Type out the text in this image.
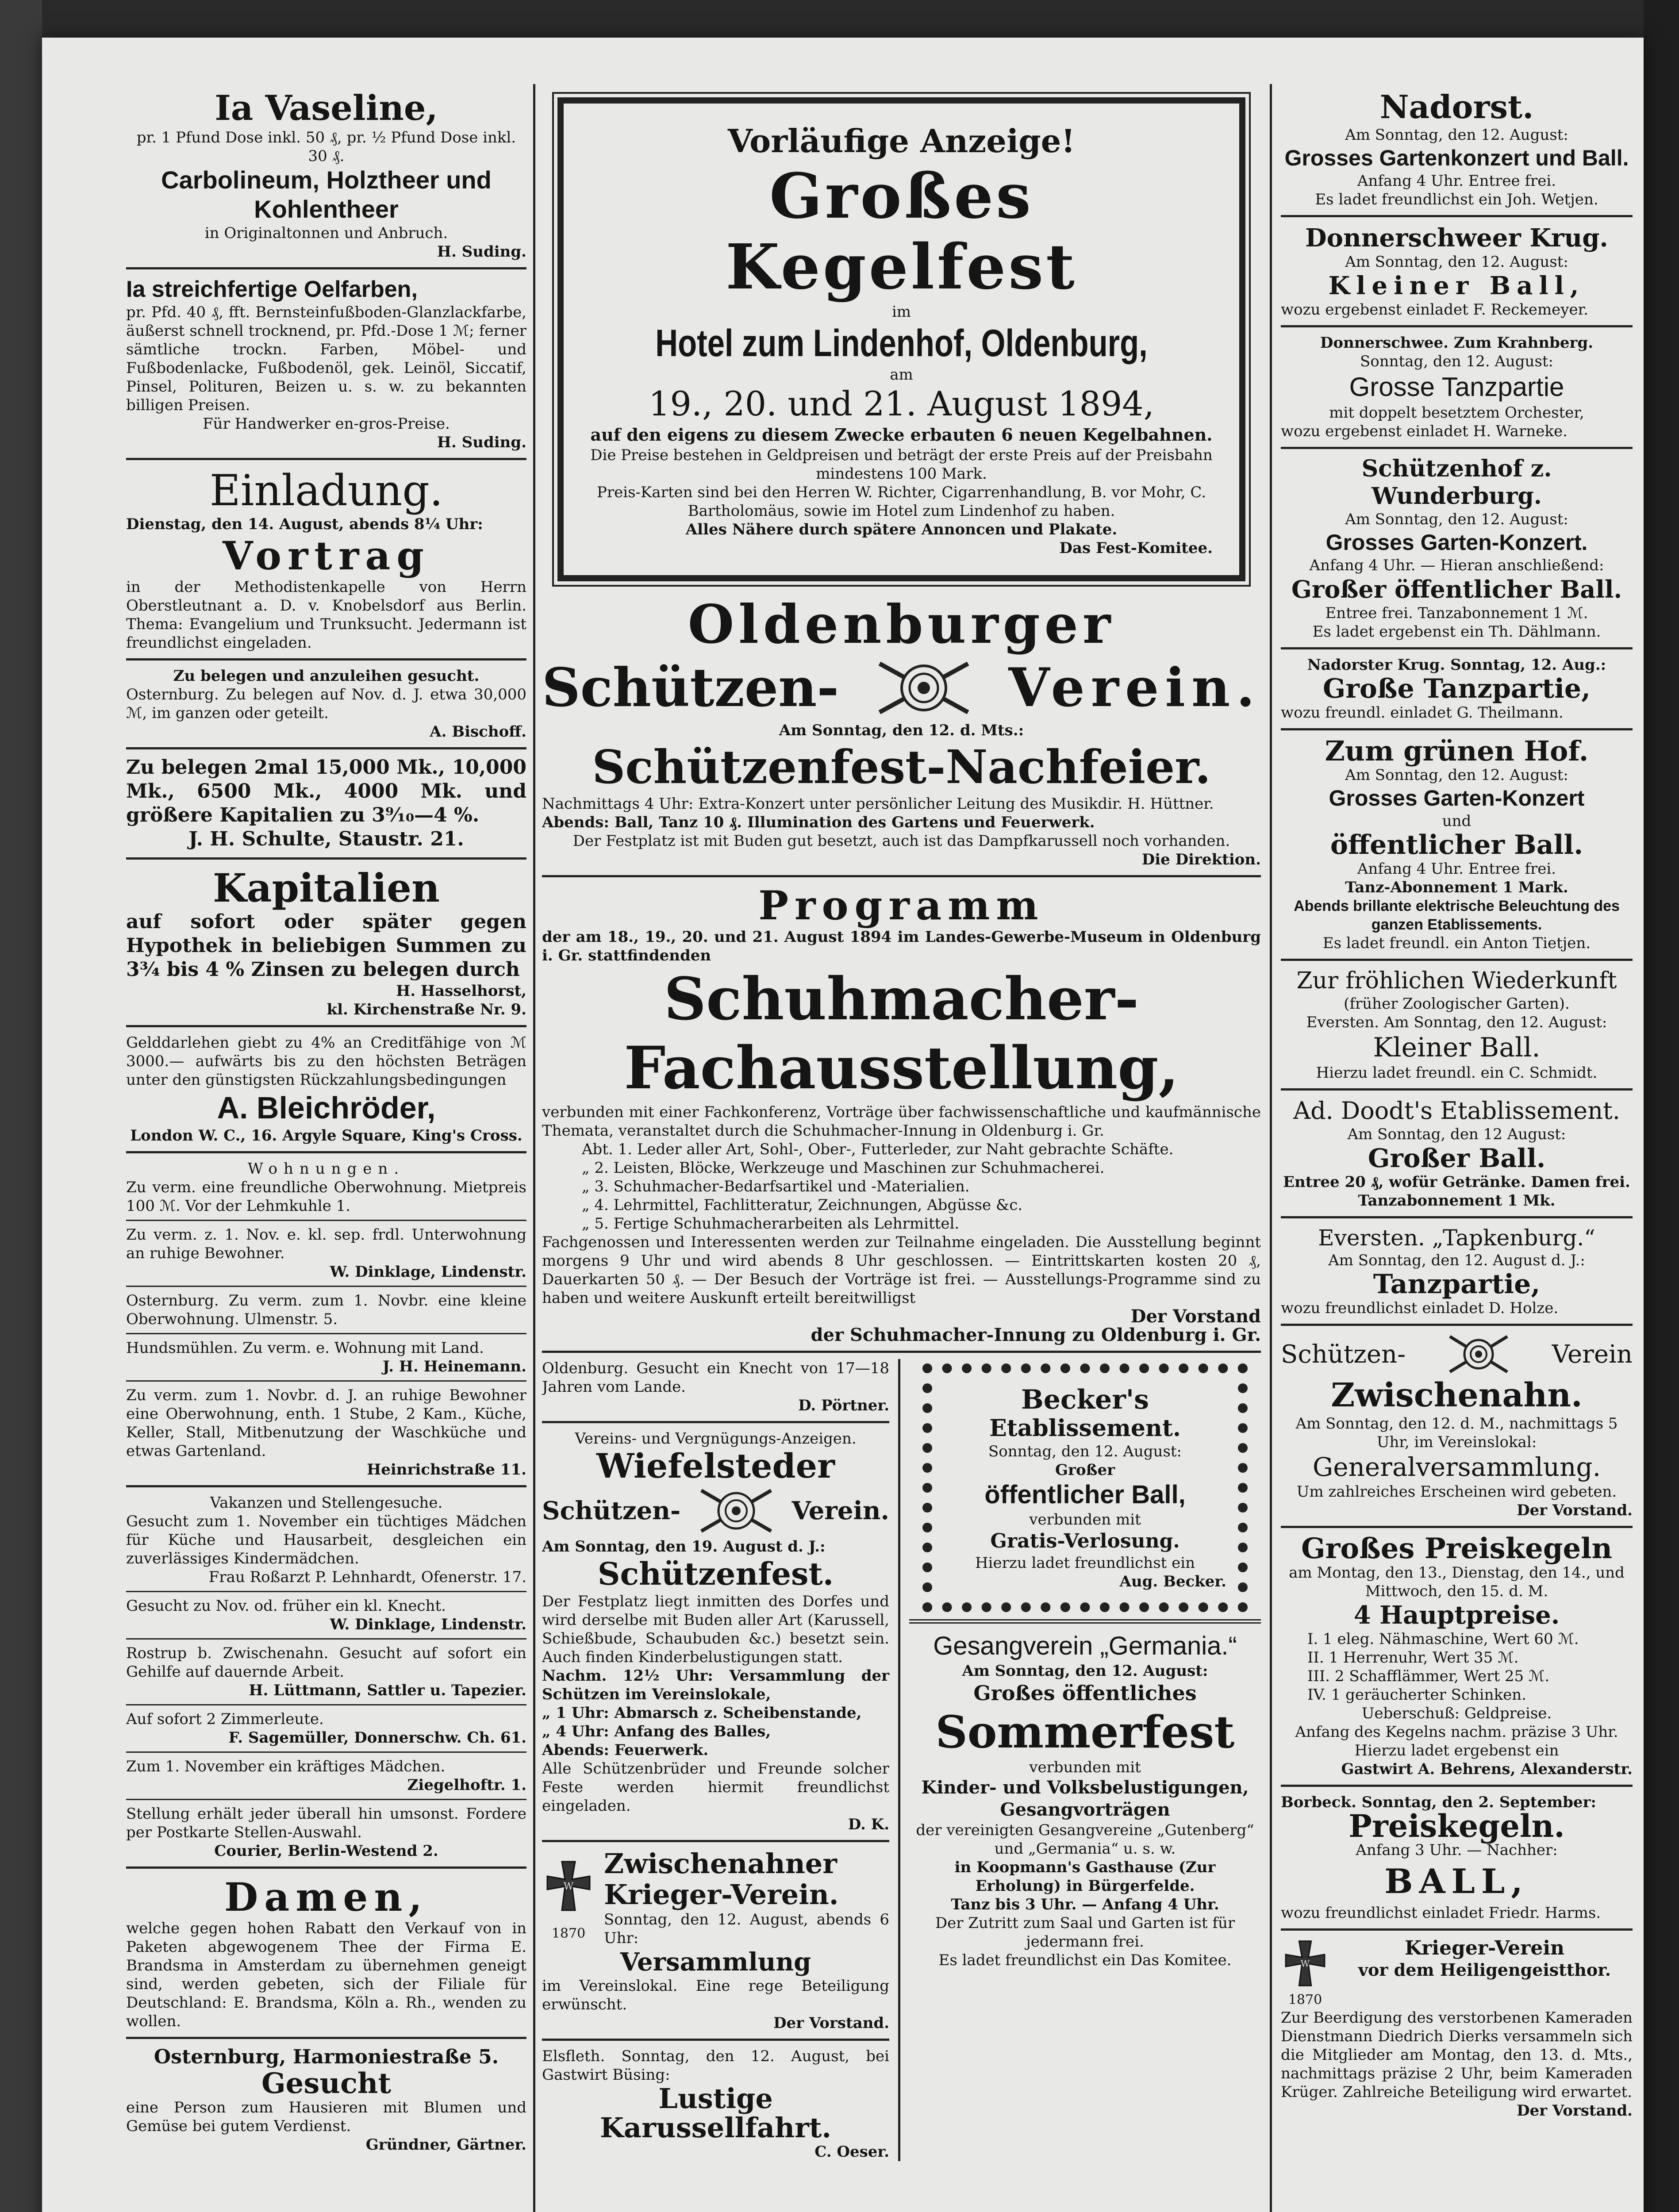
Ia Vaseline,

pr. 1 Pfund Dose inkl. 50 ₰, pr. ½ Pfund Dose inkl. 30 ₰.

Carbolineum, Holztheer und Kohlentheer

in Originaltonnen und Anbruch.

H. Suding.

Ia streichfertige Oelfarben,

pr. Pfd. 40 ₰, fft. Bernsteinfußboden-Glanzlackfarbe, äußerst schnell trocknend, pr. Pfd.-Dose 1 ℳ; ferner sämtliche trockn. Farben, Möbel- und Fußbodenlacke, Fußbodenöl, gek. Leinöl, Siccatif, Pinsel, Polituren, Beizen u. s. w. zu bekannten billigen Preisen.

Für Handwerker en-gros-Preise.

H. Suding.

Einladung.

Dienstag, den 14. August, abends 8¼ Uhr:

Vortrag

in der Methodistenkapelle von Herrn Oberstleutnant a. D. v. Knobelsdorf aus Berlin. Thema: Evangelium und Trunksucht. Jedermann ist freundlichst eingeladen.

Zu belegen und anzuleihen gesucht.

Osternburg. Zu belegen auf Nov. d. J. etwa 30,000 ℳ, im ganzen oder geteilt.

A. Bischoff.

Zu belegen 2mal 15,000 Mk., 10,000 Mk., 6500 Mk., 4000 Mk. und größere Kapitalien zu 3⁹⁄₁₀—4 %.

J. H. Schulte, Staustr. 21.

Kapitalien

auf sofort oder später gegen Hypothek in beliebigen Summen zu 3³⁄₄ bis 4 % Zinsen zu belegen durch

H. Hasselhorst,

kl. Kirchenstraße Nr. 9.

Gelddarlehen giebt zu 4% an Creditfähige von ℳ 3000.— aufwärts bis zu den höchsten Beträgen unter den günstigsten Rückzahlungsbedingungen

A. Bleichröder,

London W. C., 16. Argyle Square, King's Cross.

Wohnungen.

Zu verm. eine freundliche Oberwohnung. Mietpreis 100 ℳ. Vor der Lehmkuhle 1.

Zu verm. z. 1. Nov. e. kl. sep. frdl. Unterwohnung an ruhige Bewohner.

W. Dinklage, Lindenstr.

Osternburg. Zu verm. zum 1. Novbr. eine kleine Oberwohnung. Ulmenstr. 5.

Hundsmühlen. Zu verm. e. Wohnung mit Land.

J. H. Heinemann.

Zu verm. zum 1. Novbr. d. J. an ruhige Bewohner eine Oberwohnung, enth. 1 Stube, 2 Kam., Küche, Keller, Stall, Mitbenutzung der Waschküche und etwas Gartenland.

Heinrichstraße 11.

Vakanzen und Stellengesuche.

Gesucht zum 1. November ein tüchtiges Mädchen für Küche und Hausarbeit, desgleichen ein zuverlässiges Kindermädchen.

Frau Roßarzt P. Lehnhardt, Ofenerstr. 17.

Gesucht zu Nov. od. früher ein kl. Knecht.

W. Dinklage, Lindenstr.

Rostrup b. Zwischenahn. Gesucht auf sofort ein Gehilfe auf dauernde Arbeit.

H. Lüttmann, Sattler u. Tapezier.

Auf sofort 2 Zimmerleute.

F. Sagemüller, Donnerschw. Ch. 61.

Zum 1. November ein kräftiges Mädchen.

Ziegelhoftr. 1.

Stellung erhält jeder überall hin umsonst. Fordere per Postkarte Stellen-Auswahl.

Courier, Berlin-Westend 2.

Damen,

welche gegen hohen Rabatt den Verkauf von in Paketen abgewogenem Thee der Firma E. Brandsma in Amsterdam zu übernehmen geneigt sind, werden gebeten, sich der Filiale für Deutschland: E. Brandsma, Köln a. Rh., wenden zu wollen.

Osternburg, Harmoniestraße 5.

Gesucht

eine Person zum Hausieren mit Blumen und Gemüse bei gutem Verdienst.

Gründner, Gärtner.

Vorläufige Anzeige!

Großes Kegelfest

im

Hotel zum Lindenhof, Oldenburg,

am

19., 20. und 21. August 1894,

auf den eigens zu diesem Zwecke erbauten 6 neuen Kegelbahnen.

Die Preise bestehen in Geldpreisen und beträgt der erste Preis auf der Preisbahn mindestens 100 Mark.

Preis-Karten sind bei den Herren W. Richter, Cigarrenhandlung, B. vor Mohr, C. Bartholomäus, sowie im Hotel zum Lindenhof zu haben.

Alles Nähere durch spätere Annoncen und Plakate.

Das Fest-Komitee.

Oldenburger

Schützen-	Verein.

Am Sonntag, den 12. d. Mts.:

Schützenfest-Nachfeier.

Nachmittags 4 Uhr: Extra-Konzert unter persönlicher Leitung des Musikdir. H. Hüttner.

Abends: Ball, Tanz 10 ₰. Illumination des Gartens und Feuerwerk.

Der Festplatz ist mit Buden gut besetzt, auch ist das Dampfkarussell noch vorhanden.

Die Direktion.

Programm

der am 18., 19., 20. und 21. August 1894 im Landes-Gewerbe-Museum in Oldenburg i. Gr. stattfindenden

Schuhmacher-Fachausstellung,

verbunden mit einer Fachkonferenz, Vorträge über fachwissenschaftliche und kaufmännische Themata, veranstaltet durch die Schuhmacher-Innung in Oldenburg i. Gr.

Abt. 1. Leder aller Art, Sohl-, Ober-, Futterleder, zur Naht gebrachte Schäfte.

„ 2. Leisten, Blöcke, Werkzeuge und Maschinen zur Schuhmacherei.

„ 3. Schuhmacher-Bedarfsartikel und -Materialien.

„ 4. Lehrmittel, Fachlitteratur, Zeichnungen, Abgüsse &c.

„ 5. Fertige Schuhmacherarbeiten als Lehrmittel.

Fachgenossen und Interessenten werden zur Teilnahme eingeladen. Die Ausstellung beginnt morgens 9 Uhr und wird abends 8 Uhr geschlossen. — Eintrittskarten kosten 20 ₰, Dauerkarten 50 ₰. — Der Besuch der Vorträge ist frei. — Ausstellungs-Programme sind zu haben und weitere Auskunft erteilt bereitwilligst

Der Vorstand

der Schuhmacher-Innung zu Oldenburg i. Gr.

Oldenburg. Gesucht ein Knecht von 17—18 Jahren vom Lande.

D. Pörtner.

Vereins- und Vergnügungs-Anzeigen.

Wiefelsteder

Schützen-	Verein.

Am Sonntag, den 19. August d. J.:

Schützenfest.

Der Festplatz liegt inmitten des Dorfes und wird derselbe mit Buden aller Art (Karussell, Schießbude, Schaubuden &c.) besetzt sein. Auch finden Kinderbelustigungen statt.

Nachm. 12½ Uhr: Versammlung der Schützen im Vereinslokale,

„ 1 Uhr: Abmarsch z. Scheibenstande,

„ 4 Uhr: Anfang des Balles,

Abends: Feuerwerk.

Alle Schützenbrüder und Freunde solcher Feste werden hiermit freundlichst eingeladen.

D. K.

W

1870

Zwischenahner

Krieger-Verein.

Sonntag, den 12. August, abends 6 Uhr:

Versammlung

im Vereinslokal. Eine rege Beteiligung erwünscht.

Der Vorstand.

Elsfleth. Sonntag, den 12. August, bei Gastwirt Büsing:

Lustige Karussellfahrt.

C. Oeser.

Becker's

Etablissement.

Sonntag, den 12. August:

Großer

öffentlicher Ball,

verbunden mit

Gratis-Verlosung.

Hierzu ladet freundlichst ein

Aug. Becker.

Gesangverein „Germania.“

Am Sonntag, den 12. August:

Großes öffentliches

Sommerfest

verbunden mit

Kinder- und Volksbelustigungen, Gesangvorträgen

der vereinigten Gesangvereine „Gutenberg“ und „Germania“ u. s. w.

in Koopmann's Gasthause (Zur Erholung) in Bürgerfelde.

Tanz bis 3 Uhr. — Anfang 4 Uhr.

Der Zutritt zum Saal und Garten ist für jedermann frei.

Es ladet freundlichst ein Das Komitee.

Nadorst.

Am Sonntag, den 12. August:

Grosses Gartenkonzert und Ball.

Anfang 4 Uhr. Entree frei.

Es ladet freundlichst ein Joh. Wetjen.

Donnerschweer Krug.

Am Sonntag, den 12. August:

Kleiner Ball,

wozu ergebenst einladet F. Reckemeyer.

Donnerschwee. Zum Krahnberg.

Sonntag, den 12. August:

Grosse Tanzpartie

mit doppelt besetztem Orchester,

wozu ergebenst einladet H. Warneke.

Schützenhof z. Wunderburg.

Am Sonntag, den 12. August:

Grosses Garten-Konzert.

Anfang 4 Uhr. — Hieran anschließend:

Großer öffentlicher Ball.

Entree frei. Tanzabonnement 1 ℳ.

Es ladet ergebenst ein Th. Dählmann.

Nadorster Krug. Sonntag, 12. Aug.:

Große Tanzpartie,

wozu freundl. einladet G. Theilmann.

Zum grünen Hof.

Am Sonntag, den 12. August:

Grosses Garten-Konzert

und

öffentlicher Ball.

Anfang 4 Uhr. Entree frei.

Tanz-Abonnement 1 Mark.

Abends brillante elektrische Beleuchtung des ganzen Etablissements.

Es ladet freundl. ein Anton Tietjen.

Zur fröhlichen Wiederkunft

(früher Zoologischer Garten).

Eversten. Am Sonntag, den 12. August:

Kleiner Ball.

Hierzu ladet freundl. ein C. Schmidt.

Ad. Doodt's Etablissement.

Am Sonntag, den 12 August:

Großer Ball.

Entree 20 ₰, wofür Getränke. Damen frei.

Tanzabonnement 1 Mk.

Eversten. „Tapkenburg.“

Am Sonntag, den 12. August d. J.:

Tanzpartie,

wozu freundlichst einladet D. Holze.

Schützen-	Verein

Zwischenahn.

Am Sonntag, den 12. d. M., nachmittags 5 Uhr, im Vereinslokal:

Generalversammlung.

Um zahlreiches Erscheinen wird gebeten.

Der Vorstand.

Großes Preiskegeln

am Montag, den 13., Dienstag, den 14., und Mittwoch, den 15. d. M.

4 Hauptpreise.

I. 1 eleg. Nähmaschine, Wert 60 ℳ.

II. 1 Herrenuhr, Wert 35 ℳ.

III. 2 Schafflämmer, Wert 25 ℳ.

IV. 1 geräucherter Schinken.

Ueberschuß: Geldpreise.

Anfang des Kegelns nachm. präzise 3 Uhr.

Hierzu ladet ergebenst ein

Gastwirt A. Behrens, Alexanderstr.

Borbeck. Sonntag, den 2. September:

Preiskegeln.

Anfang 3 Uhr. — Nachher:

BALL,

wozu freundlichst einladet Friedr. Harms.

W

1870

Krieger-Verein

vor dem Heiligengeistthor.

Zur Beerdigung des verstorbenen Kameraden Dienstmann Diedrich Dierks versammeln sich die Mitglieder am Montag, den 13. d. Mts., nachmittags präzise 2 Uhr, beim Kameraden Krüger. Zahlreiche Beteiligung wird erwartet.

Der Vorstand.
